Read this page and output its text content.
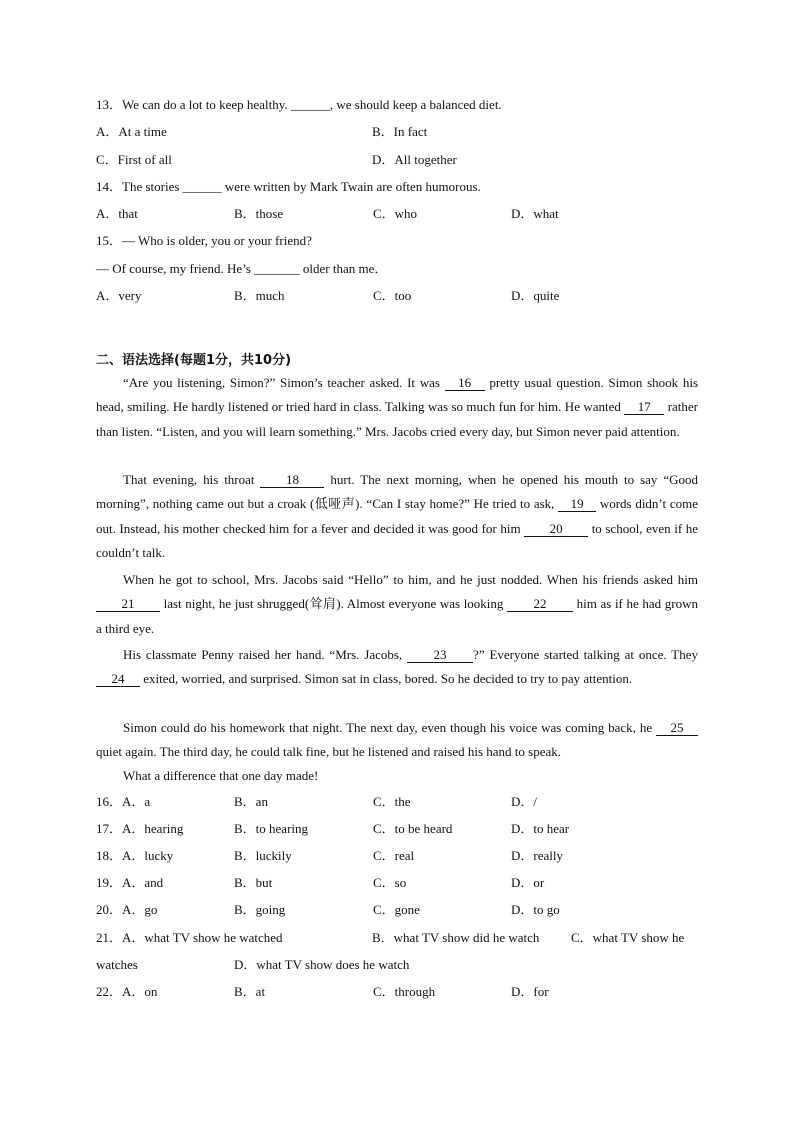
13．We can do a lot to keep healthy. ______, we should keep a balanced diet.
A．At a time	B．In fact
C．First of all	D．All together
14．The stories ______ were written by Mark Twain are often humorous.
A．that	B．those	C．who	D．what
15．— Who is older, you or your friend?
— Of course, my friend. He’s _______ older than me．
A．very	B．much	C．too	D．quite
二、语法选择(每题1分，共10分)
“Are you listening, Simon?” Simon’s teacher asked. It was 16 pretty usual question. Simon shook his head, smiling. He hardly listened or tried hard in class. Talking was so much fun for him. He wanted 17 rather than listen. “Listen, and you will learn something.” Mrs. Jacobs cried every day, but Simon never paid attention.
That evening, his throat 18 hurt. The next morning, when he opened his mouth to say “Good morning”, nothing came out but a croak (低哑声). “Can I stay home?” He tried to ask, 19 words didn’t come out. Instead, his mother checked him for a fever and decided it was good for him 20 to school, even if he couldn’t talk.
When he got to school, Mrs. Jacobs said “Hello” to him, and he just nodded. When his friends asked him 21 last night, he just shrugged(耸肩). Almost everyone was looking 22 him as if he had grown a third eye.
His classmate Penny raised her hand. “Mrs. Jacobs, 23 ?” Everyone started talking at once. They 24 exited, worried, and surprised. Simon sat in class, bored. So he decided to try to pay attention.
Simon could do his homework that night. The next day, even though his voice was coming back, he 25 quiet again. The third day, he could talk fine, but he listened and raised his hand to speak.
What a difference that one day made!
16．A．a	B．an	C．the	D．/
17．A．hearing	B．to hearing	C．to be heard	D．to hear
18．A．lucky	B．luckily	C．real	D．really
19．A．and	B．but	C．so	D．or
20．A．go	B．going	C．gone	D．to go
21．A．what TV show he watched	B．what TV show did he watch C．what TV show he
watches	D．what TV show does he watch
22．A．on	B．at	C．through	D．for
